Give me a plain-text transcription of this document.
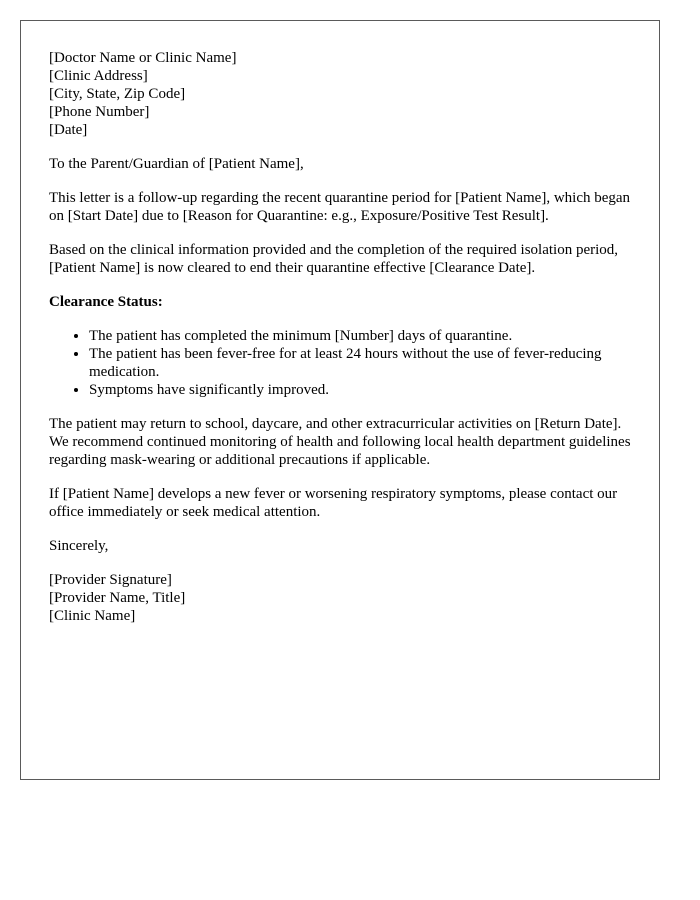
[Doctor Name or Clinic Name]
[Clinic Address]
[City, State, Zip Code]
[Phone Number]
[Date]

To the Parent/Guardian of [Patient Name],

This letter is a follow-up regarding the recent quarantine period for [Patient Name], which began on [Start Date] due to [Reason for Quarantine: e.g., Exposure/Positive Test Result].

Based on the clinical information provided and the completion of the required isolation period, [Patient Name] is now cleared to end their quarantine effective [Clearance Date].

Clearance Status:

• The patient has completed the minimum [Number] days of quarantine.
• The patient has been fever-free for at least 24 hours without the use of fever-reducing medication.
• Symptoms have significantly improved.

The patient may return to school, daycare, and other extracurricular activities on [Return Date]. We recommend continued monitoring of health and following local health department guidelines regarding mask-wearing or additional precautions if applicable.

If [Patient Name] develops a new fever or worsening respiratory symptoms, please contact our office immediately or seek medical attention.

Sincerely,

[Provider Signature]
[Provider Name, Title]
[Clinic Name]
